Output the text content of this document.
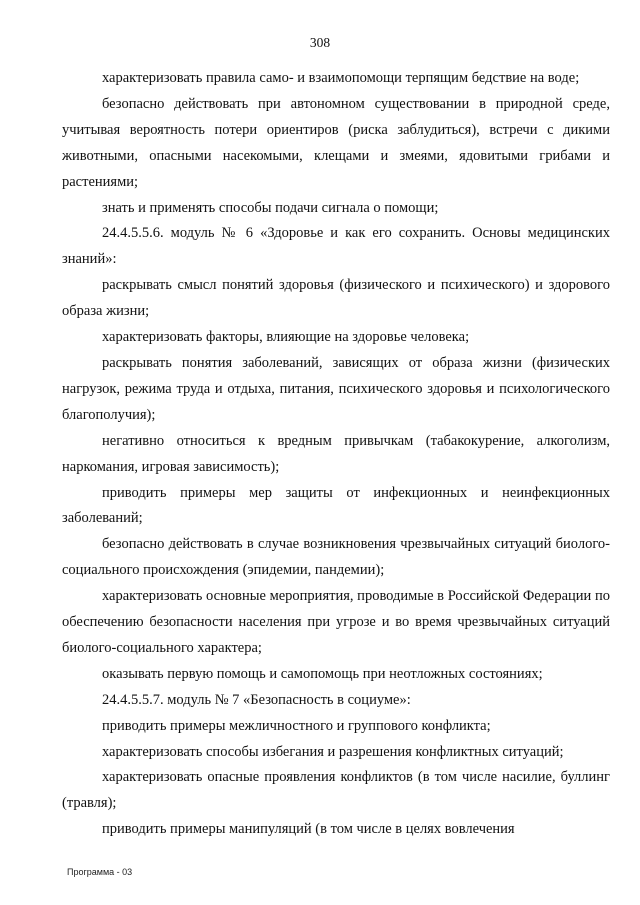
308

характеризовать правила само- и взаимопомощи терпящим бедствие на воде;

безопасно действовать при автономном существовании в природной среде, учитывая вероятность потери ориентиров (риска заблудиться), встречи с дикими животными, опасными насекомыми, клещами и змеями, ядовитыми грибами и растениями;

знать и применять способы подачи сигнала о помощи;

24.4.5.5.6. модуль № 6 «Здоровье и как его сохранить. Основы медицинских знаний»:

раскрывать смысл понятий здоровья (физического и психического) и здорового образа жизни;

характеризовать факторы, влияющие на здоровье человека;

раскрывать понятия заболеваний, зависящих от образа жизни (физических нагрузок, режима труда и отдыха, питания, психического здоровья и психологического благополучия);

негативно относиться к вредным привычкам (табакокурение, алкоголизм, наркомания, игровая зависимость);

приводить примеры мер защиты от инфекционных и неинфекционных заболеваний;

безопасно действовать в случае возникновения чрезвычайных ситуаций биолого-социального происхождения (эпидемии, пандемии);

характеризовать основные мероприятия, проводимые в Российской Федерации по обеспечению безопасности населения при угрозе и во время чрезвычайных ситуаций биолого-социального характера;

оказывать первую помощь и самопомощь при неотложных состояниях;

24.4.5.5.7. модуль № 7 «Безопасность в социуме»:

приводить примеры межличностного и группового конфликта;

характеризовать способы избегания и разрешения конфликтных ситуаций;

характеризовать опасные проявления конфликтов (в том числе насилие, буллинг (травля);

приводить примеры манипуляций (в том числе в целях вовлечения

Программа - 03
